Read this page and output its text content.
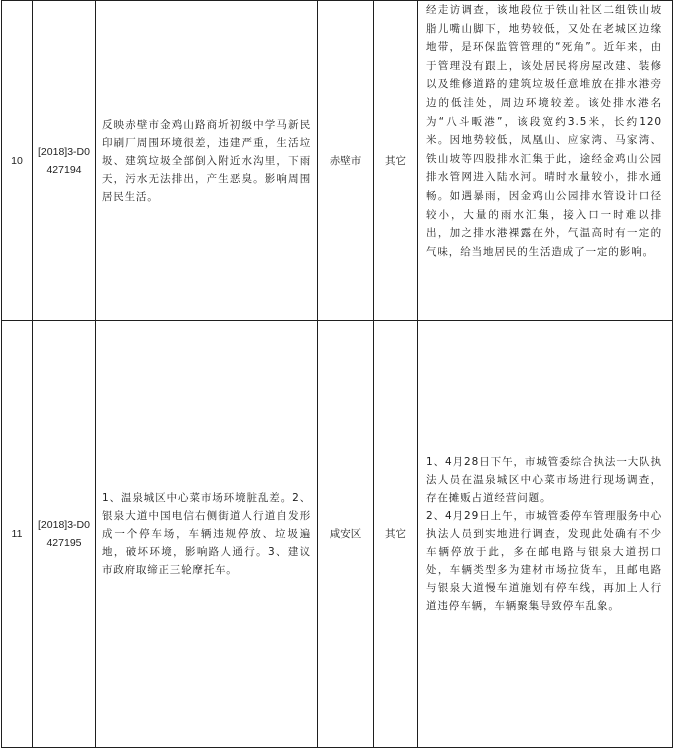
10	[2018]3-D0427194	反映赤壁市金鸡山路商圻初级中学马新民印刷厂周围环境很差，违建严重，生活垃圾、建筑垃圾全部倒入附近水沟里，下雨天，污水无法排出，产生恶臭。影响周围居民生活。	赤壁市	其它	经走访调查，该地段位于铁山社区二组铁山坡脂儿嘴山脚下，地势较低，又处在老城区边缘地带，是环保监管管理的“死角”。近年来，由于管理没有跟上，该处居民将房屋改建、装修以及维修道路的建筑垃圾任意堆放在排水港旁边的低洼处，周边环境较差。该处排水港名为“八斗畈港”，该段宽约3.5米，长约120米。因地势较低，凤凰山、应家湾、马家湾、铁山坡等四股排水汇集于此，途经金鸡山公园排水管网进入陆水河。晴时水量较小，排水通畅。如遇暴雨，因金鸡山公园排水管设计口径较小，大量的雨水汇集，接入口一时难以排出，加之排水港裸露在外，气温高时有一定的气味，给当地居民的生活造成了一定的影响。
11	[2018]3-D0427195	1、温泉城区中心菜市场环境脏乱差。2、银泉大道中国电信右侧街道人行道自发形成一个停车场，车辆违规停放、垃圾遍地，破坏环境，影响路人通行。3、建议市政府取缔正三轮摩托车。	咸安区	其它	1、4月28日下午，市城管委综合执法一大队执法人员在温泉城区中心菜市场进行现场调查，存在摊贩占道经营问题。
2、4月29日上午，市城管委停车管理服务中心执法人员到实地进行调查，发现此处确有不少车辆停放于此，多在邮电路与银泉大道拐口处，车辆类型多为建材市场拉货车，且邮电路与银泉大道慢车道施划有停车线，再加上人行道违停车辆，车辆聚集导致停车乱象。
